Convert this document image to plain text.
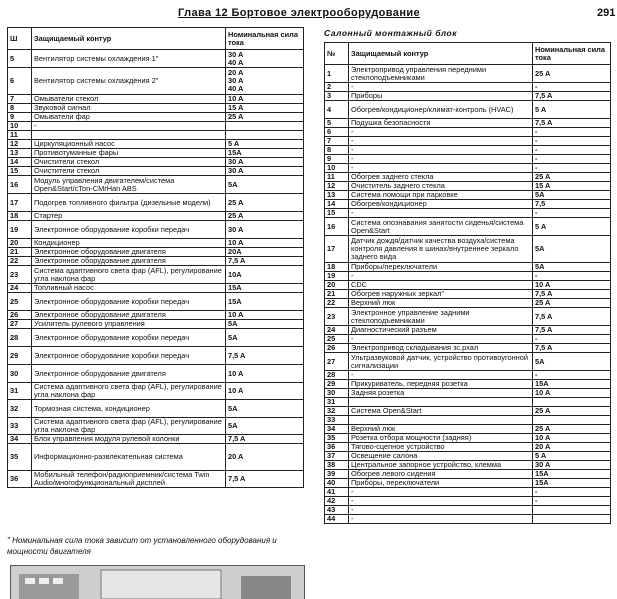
Глава 12 Бортовое электрооборудование	291
Ш	Защищаемый контур	Номинальная сила тока
5	Вентилятор системы охлаждения 1"	30 A
40 A
6	Вентилятор системы охлаждения 2"	20 A
30 A
40 A
7	Омыватели стекол	10 A
8	Звуковой сигнал	15 A
9	Омыватели фар	25 A
10	-	
11		
12	Циркуляционный насос	5 A
13	Противотуманные фары	15A
14	Очистители стекол	30 A
15	Очистители стекол	30 A
16	Модуль управления двигателем/система Open&Start/cTon-CMrHan ABS	5A
17	Подогрев топливного фильтра (дизельные модели)	25 A
18	Стартер	25 A
19	Электронное оборудование коробки передач	30 A
20	Кондиционер	10 A
21	Электронное оборудование двигателя	20A
22	Электронное оборудование двигателя	7,5 A
23	Система адаптивного света фар (AFL), регулирование угла наклона фар	10A
24	Топливный насос	15A
25	Электронное оборудование коробки передач	15A
26	Электронное оборудование двигателя	10 A
27	Усилитель рулевого управления	5A
28	Электронное оборудование коробки передач	5A
29	Электронное оборудование коробки передач	7,5 A
30	Электронное оборудование двигателя	10 A
31	Система адаптивного света фар (AFL), регулирование угла наклона фар	10 A
32	Тормозная система, кондиционер	5A
33	Система адаптивного света фар (AFL), регулирование угла наклона фар	5A
34	Блок управления модуля рулевой колонки	7,5 A
35	Информационно-развлекательная система	20 A
36	Мобильный телефон/радиоприемник/система Twin Audio/многофункциональный дисплей	7,5 A
Салонный монтажный блок
№	Защищаемый контур	Номинальная сила тока
1	Электропривод управления передними стеклоподъемниками	25 A
2	-	-
3	Приборы	7,5 A
4	Обогрев/кондиционер/климат-контроль (HVAC)	5 A
5	Подушка безопасности	7,5 A
6	-	-
7	-	-
8	-	-
9	-	-
10	-	-
11	Обогрев заднего стекла	25 A
12	Очиститель заднего стекла	15 A
13	Система помощи при парковке	5A
14	Обогрев/кондиционер	7,5
15	-	-
16	Система опознавания занятости сиденья/система Open&Start	5 A
17	Датчик дождя/датчик качества воздуха/система контроля давления в шинах/внутреннее зеркало заднего вида	5A
18	Приборы/переключатели	5A
19	-	-
20	CDC	10 A
21	Обогрев наружных зеркал"	7,5 A
22	Верхний люк	25 A
23	Электронное управление задними стеклоподъемниками	7,5 A
24	Диагностический разъем	7,5 A
25	-	-
26	Электропривод складывания зс.рхал	7,5 A
27	Ультразвуковой датчик, устройство противоугонной сигнализации	5A
28	-	-
29	Прикуриватель, передняя розетка	15A
30	Задняя розетка	10 A
31		
32	Система Open&Start	25 A
33		
34	Верхний люк	25 A
35	Розетка отбора мощности (задняя)	10 A
36	Тягово-сцепное устройство	20 A
37	Освещение салона	5 A
38	Центральное запорное устройство, клемма	30 A
39	Обогрев левого сидения	15A
40	Приборы, переключатели	15A
41	-	-
42	-	-
43	-	
44	-	
" Номинальная сила тока зависит от установленного оборудования и мощности двигателя
